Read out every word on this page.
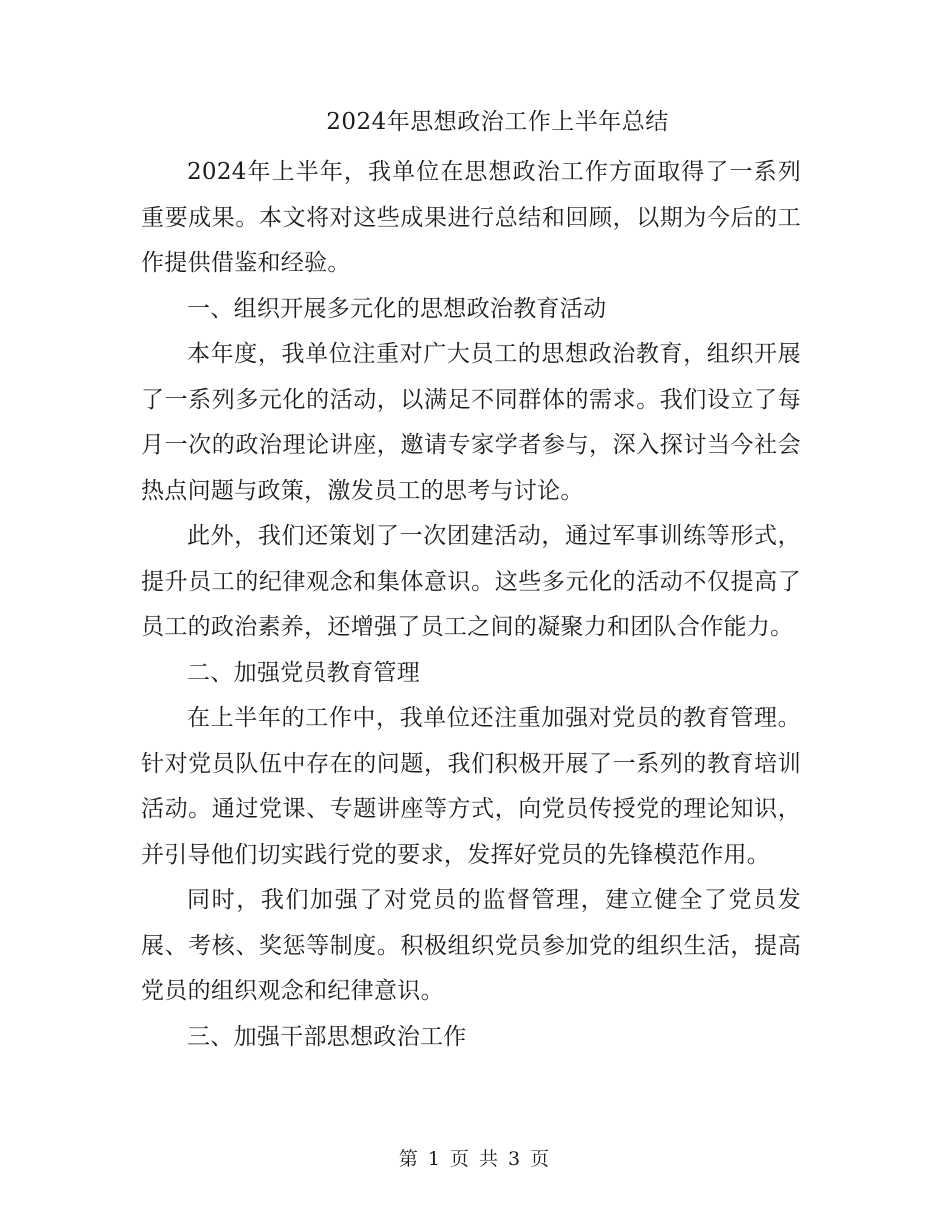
2024年思想政治工作上半年总结

2024年上半年，我单位在思想政治工作方面取得了一系列重要成果。本文将对这些成果进行总结和回顾，以期为今后的工作提供借鉴和经验。

一、组织开展多元化的思想政治教育活动

本年度，我单位注重对广大员工的思想政治教育，组织开展了一系列多元化的活动，以满足不同群体的需求。我们设立了每月一次的政治理论讲座，邀请专家学者参与，深入探讨当今社会热点问题与政策，激发员工的思考与讨论。

此外，我们还策划了一次团建活动，通过军事训练等形式，提升员工的纪律观念和集体意识。这些多元化的活动不仅提高了员工的政治素养，还增强了员工之间的凝聚力和团队合作能力。

二、加强党员教育管理

在上半年的工作中，我单位还注重加强对党员的教育管理。针对党员队伍中存在的问题，我们积极开展了一系列的教育培训活动。通过党课、专题讲座等方式，向党员传授党的理论知识，并引导他们切实践行党的要求，发挥好党员的先锋模范作用。

同时，我们加强了对党员的监督管理，建立健全了党员发展、考核、奖惩等制度。积极组织党员参加党的组织生活，提高党员的组织观念和纪律意识。

三、加强干部思想政治工作

第 1 页 共 3 页
